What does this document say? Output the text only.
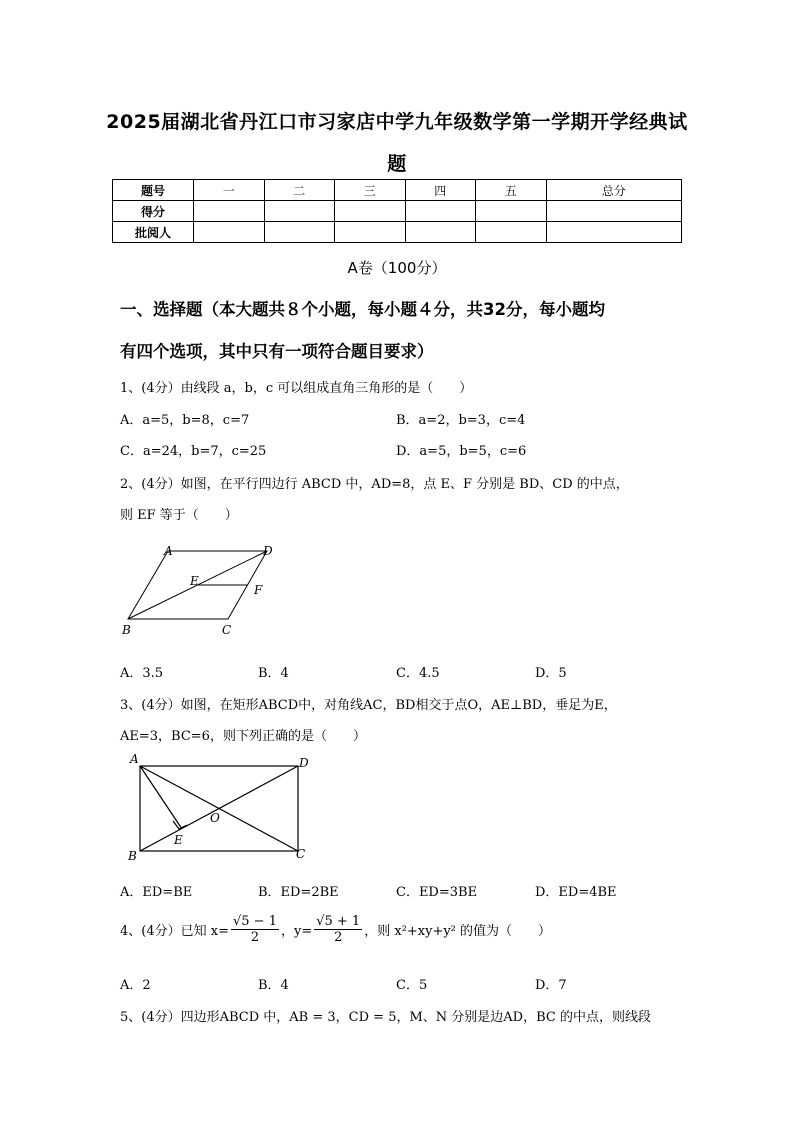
2025届湖北省丹江口市习家店中学九年级数学第一学期开学经典试
题
题号	一	二	三	四	五	总分
得分						
批阅人						
A卷（100分）
一、选择题（本大题共８个小题，每小题４分，共32分，每小题均
有四个选项，其中只有一项符合题目要求）
1、(4分）由线段 a，b，c 可以组成直角三角形的是（　　）
A．a=5，b=8，c=7	B．a=2，b=3，c=4
C．a=24，b=7，c=25	D．a=5，b=5，c=6
2、(4分）如图，在平行四边行 ABCD 中，AD=8，点 E、F 分别是 BD、CD 的中点，
则 EF 等于（　　）
A	D
E
F
B	C
A．3.5	B．4	C．4.5	D．5
3、(4分）如图，在矩形ABCD中，对角线AC，BD相交于点O，AE⊥BD，垂足为E，
AE=3，BC=6，则下列正确的是（　　）
A	D
O
E
B	C
A．ED=BE	B．ED=2BE	C．ED=3BE	D．ED=4BE
4、(4分）已知 $x= \frac{√5 - 1}{2}$ ，$y= \frac{√5 + 1}{2}$ ，则 x²+xy+y² 的值为（　　）
A．2	B．4	C．5	D．7
5、(4分）四边形ABCD 中，AB = 3，CD = 5，M、N 分别是边AD，BC 的中点，则线段
